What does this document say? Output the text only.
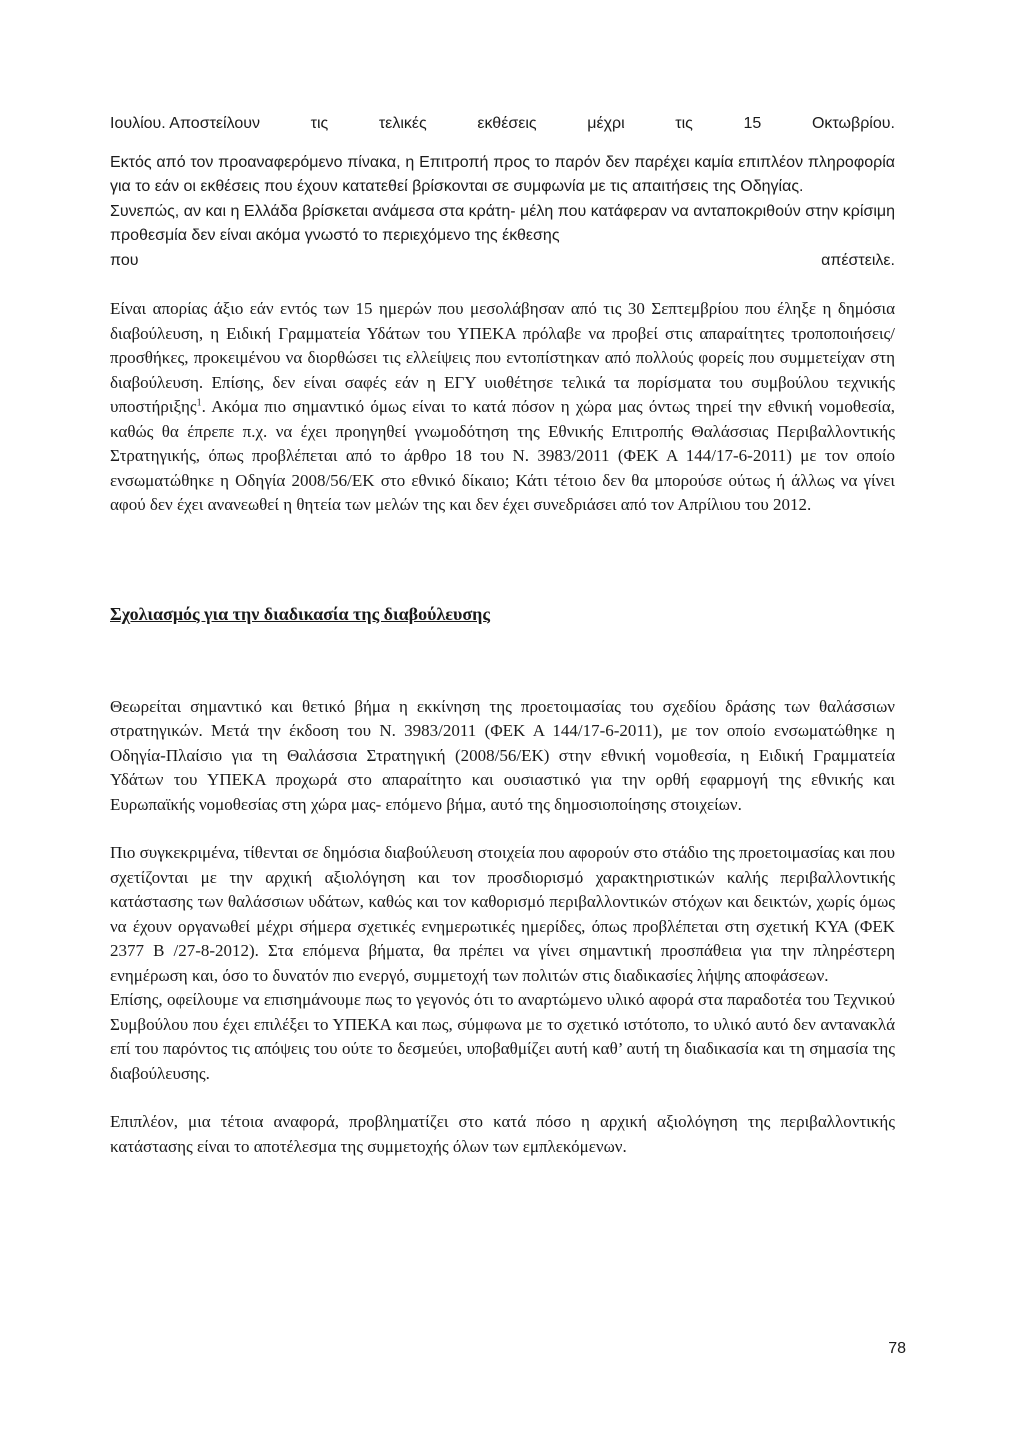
Ιουλίου. Αποστείλουν	τις	τελικές	εκθέσεις	μέχρι	τις	15	Οκτωβρίου.

Εκτός από τον προαναφερόμενο πίνακα, η Επιτροπή προς το παρόν δεν παρέχει καμία επιπλέον πληροφορία για το εάν οι εκθέσεις που έχουν κατατεθεί βρίσκονται σε συμφωνία με τις απαιτήσεις της Οδηγίας.

Συνεπώς, αν και η Ελλάδα βρίσκεται ανάμεσα στα κράτη- μέλη που κατάφεραν να ανταποκριθούν στην κρίσιμη προθεσμία δεν είναι ακόμα γνωστό το περιεχόμενο της έκθεσης

που	απέστειλε.

Είναι απορίας άξιο εάν εντός των 15 ημερών που μεσολάβησαν από τις 30 Σεπτεμβρίου που έληξε η δημόσια διαβούλευση, η Ειδική Γραμματεία Υδάτων του ΥΠΕΚΑ πρόλαβε να προβεί στις απαραίτητες τροποποιήσεις/ προσθήκες, προκειμένου να διορθώσει τις ελλείψεις που εντοπίστηκαν από πολλούς φορείς που συμμετείχαν στη διαβούλευση. Επίσης, δεν είναι σαφές εάν η ΕΓΥ υιοθέτησε τελικά τα πορίσματα του συμβούλου τεχνικής υποστήριξης$^1$. Ακόμα πιο σημαντικό όμως είναι το κατά πόσον η χώρα μας όντως τηρεί την εθνική νομοθεσία, καθώς θα έπρεπε π.χ. να έχει προηγηθεί γνωμοδότηση της Εθνικής Επιτροπής Θαλάσσιας Περιβαλλοντικής Στρατηγικής, όπως προβλέπεται από το άρθρο 18 του Ν. 3983/2011 (ΦΕΚ Α 144/17-6-2011) με τον οποίο ενσωματώθηκε η Οδηγία 2008/56/ΕΚ στο εθνικό δίκαιο; Κάτι τέτοιο δεν θα μπορούσε ούτως ή άλλως να γίνει αφού δεν έχει ανανεωθεί η θητεία των μελών της και δεν έχει συνεδριάσει από τον Απρίλιου του 2012.

Σχολιασμός για την διαδικασία της διαβούλευσης

Θεωρείται σημαντικό και θετικό βήμα η εκκίνηση της προετοιμασίας του σχεδίου δράσης των θαλάσσιων στρατηγικών. Μετά την έκδοση του Ν. 3983/2011 (ΦΕΚ Α 144/17-6-2011), με τον οποίο ενσωματώθηκε η Οδηγία-Πλαίσιο για τη Θαλάσσια Στρατηγική (2008/56/ΕΚ) στην εθνική νομοθεσία, η Ειδική Γραμματεία Υδάτων του ΥΠΕΚΑ προχωρά στο απαραίτητο και ουσιαστικό για την ορθή εφαρμογή της εθνικής και Ευρωπαϊκής νομοθεσίας στη χώρα μας- επόμενο βήμα, αυτό της δημοσιοποίησης στοιχείων.

Πιο συγκεκριμένα, τίθενται σε δημόσια διαβούλευση στοιχεία που αφορούν στο στάδιο της προετοιμασίας και που σχετίζονται με την αρχική αξιολόγηση και τον προσδιορισμό χαρακτηριστικών καλής περιβαλλοντικής κατάστασης των θαλάσσιων υδάτων, καθώς και τον καθορισμό περιβαλλοντικών στόχων και δεικτών, χωρίς όμως να έχουν οργανωθεί μέχρι σήμερα σχετικές ενημερωτικές ημερίδες, όπως προβλέπεται στη σχετική ΚΥΑ (ΦΕΚ 2377 Β /27-8-2012). Στα επόμενα βήματα, θα πρέπει να γίνει σημαντική προσπάθεια για την πληρέστερη ενημέρωση και, όσο το δυνατόν πιο ενεργό, συμμετοχή των πολιτών στις διαδικασίες λήψης αποφάσεων.

Επίσης, οφείλουμε να επισημάνουμε πως το γεγονός ότι το αναρτώμενο υλικό αφορά στα παραδοτέα του Τεχνικού Συμβούλου που έχει επιλέξει το ΥΠΕΚΑ και πως, σύμφωνα με το σχετικό ιστότοπο, το υλικό αυτό δεν αντανακλά επί του παρόντος τις απόψεις του ούτε το δεσμεύει, υποβαθμίζει αυτή καθ’ αυτή τη διαδικασία και τη σημασία της διαβούλευσης.

Επιπλέον, μια τέτοια αναφορά, προβληματίζει στο κατά πόσο η αρχική αξιολόγηση της περιβαλλοντικής κατάστασης είναι το αποτέλεσμα της συμμετοχής όλων των εμπλεκόμενων.

78
